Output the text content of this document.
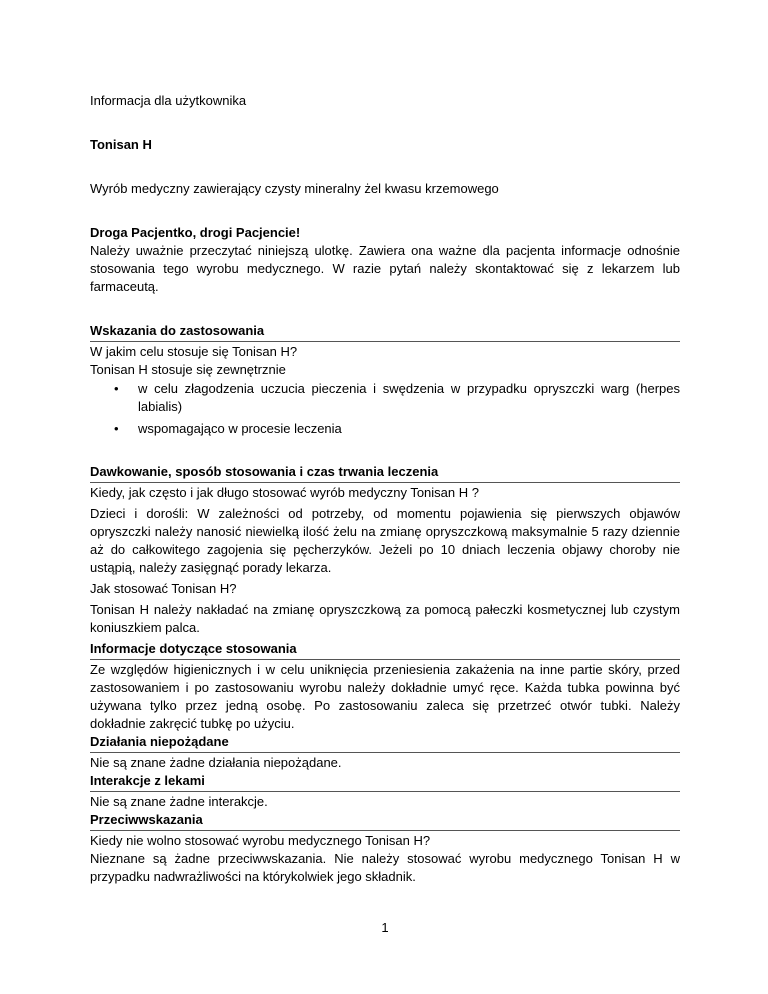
Informacja dla użytkownika
Tonisan H
Wyrób medyczny zawierający czysty mineralny żel kwasu krzemowego
Droga Pacjentko, drogi Pacjencie!
Należy uważnie przeczytać niniejszą ulotkę. Zawiera ona ważne dla pacjenta informacje odnośnie
stosowania tego wyrobu medycznego. W razie pytań należy skontaktować się z lekarzem lub
farmaceutą.
Wskazania do zastosowania
W jakim celu stosuje się Tonisan H?
Tonisan H stosuje się zewnętrznie
• w celu złagodzenia uczucia pieczenia i swędzenia w przypadku opryszczki warg (herpes
labialis)
• wspomagająco w procesie leczenia
Dawkowanie, sposób stosowania i czas trwania leczenia
Kiedy, jak często i jak długo stosować wyrób medyczny Tonisan H ?
Dzieci i dorośli: W zależności od potrzeby, od momentu pojawienia się pierwszych objawów
opryszczki należy nanosić niewielką ilość żelu na zmianę opryszczkową maksymalnie 5 razy dziennie
aż do całkowitego zagojenia się pęcherzyków. Jeżeli po 10 dniach leczenia objawy choroby nie
ustąpią, należy zasięgnąć porady lekarza.
Jak stosować Tonisan H?
Tonisan H należy nakładać na zmianę opryszczkową za pomocą pałeczki kosmetycznej lub czystym
koniuszkiem palca.
Informacje dotyczące stosowania
Ze względów higienicznych i w celu uniknięcia przeniesienia zakażenia na inne partie skóry, przed
zastosowaniem i po zastosowaniu wyrobu należy dokładnie umyć ręce. Każda tubka powinna być
używana tylko przez jedną osobę. Po zastosowaniu zaleca się przetrzeć otwór tubki. Należy
dokładnie zakręcić tubkę po użyciu.
Działania niepożądane
Nie są znane żadne działania niepożądane.
Interakcje z lekami
Nie są znane żadne interakcje.
Przeciwwskazania
Kiedy nie wolno stosować wyrobu medycznego Tonisan H?
Nieznane są żadne przeciwwskazania. Nie należy stosować wyrobu medycznego Tonisan H w
przypadku nadwrażliwości na którykolwiek jego składnik.
1
